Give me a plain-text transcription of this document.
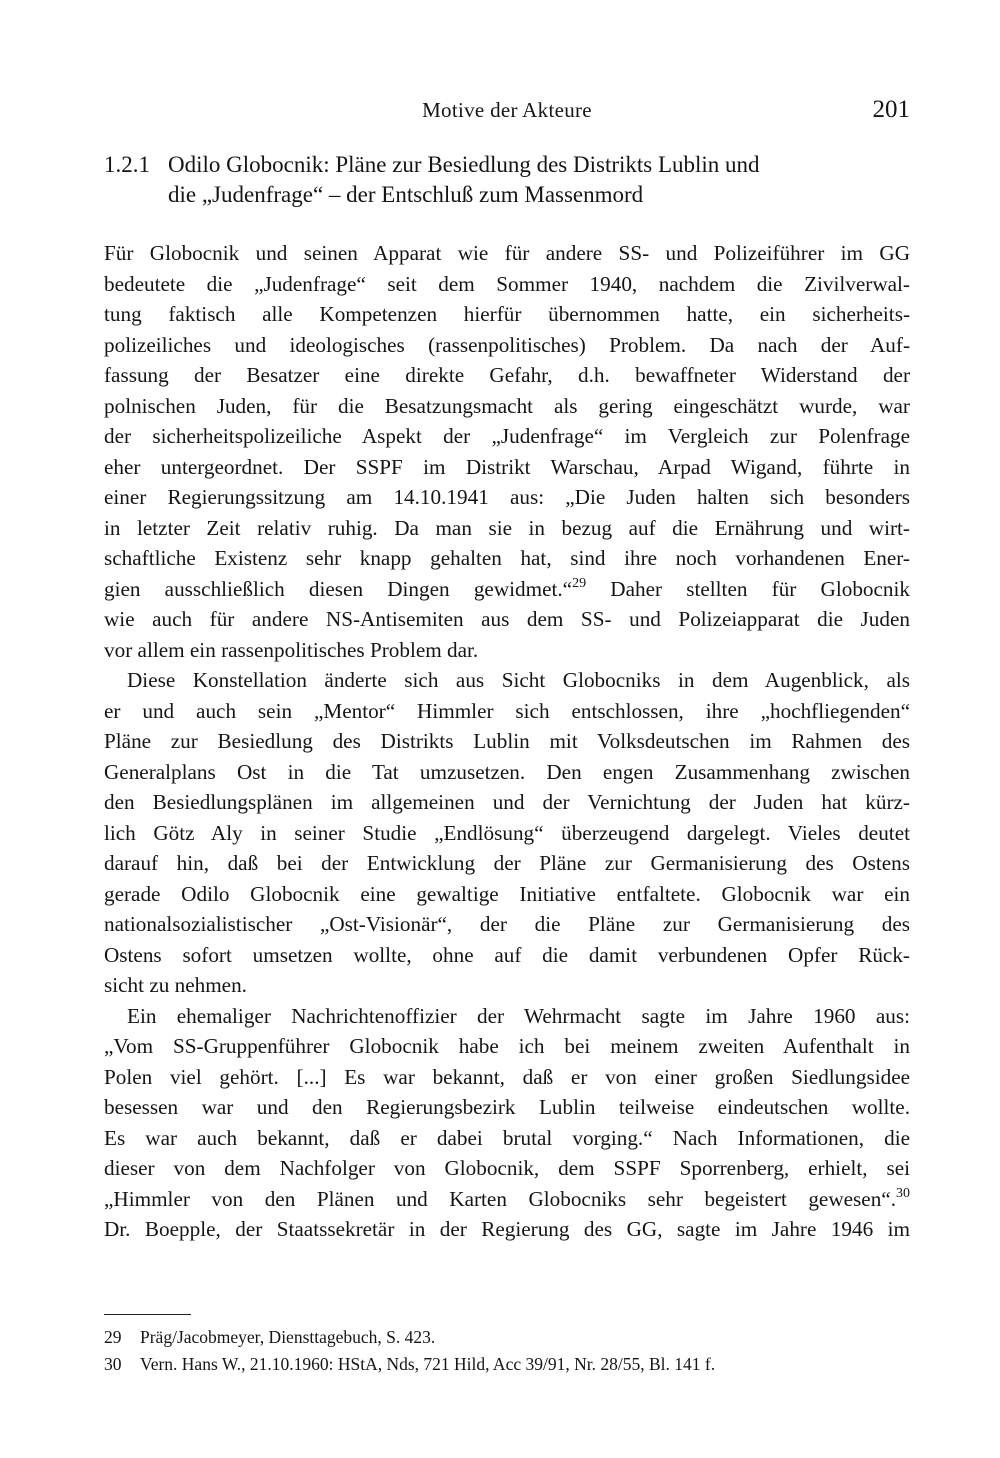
Motive der Akteure	201
1.2.1 Odilo Globocnik: Pläne zur Besiedlung des Distrikts Lublin und
die „Judenfrage“ – der Entschluß zum Massenmord
Für Globocnik und seinen Apparat wie für andere SS- und Polizeiführer im GG
bedeutete die „Judenfrage“ seit dem Sommer 1940, nachdem die Zivilverwal-
tung faktisch alle Kompetenzen hierfür übernommen hatte, ein sicherheits-
polizeiliches und ideologisches (rassenpolitisches) Problem. Da nach der Auf-
fassung der Besatzer eine direkte Gefahr, d.h. bewaffneter Widerstand der
polnischen Juden, für die Besatzungsmacht als gering eingeschätzt wurde, war
der sicherheitspolizeiliche Aspekt der „Judenfrage“ im Vergleich zur Polenfrage
eher untergeordnet. Der SSPF im Distrikt Warschau, Arpad Wigand, führte in
einer Regierungssitzung am 14.10.1941 aus: „Die Juden halten sich besonders
in letzter Zeit relativ ruhig. Da man sie in bezug auf die Ernährung und wirt-
schaftliche Existenz sehr knapp gehalten hat, sind ihre noch vorhandenen Ener-
gien ausschließlich diesen Dingen gewidmet.“$^{29}$ Daher stellten für Globocnik
wie auch für andere NS-Antisemiten aus dem SS- und Polizeiapparat die Juden
vor allem ein rassenpolitisches Problem dar.
Diese Konstellation änderte sich aus Sicht Globocniks in dem Augenblick, als
er und auch sein „Mentor“ Himmler sich entschlossen, ihre „hochfliegenden“
Pläne zur Besiedlung des Distrikts Lublin mit Volksdeutschen im Rahmen des
Generalplans Ost in die Tat umzusetzen. Den engen Zusammenhang zwischen
den Besiedlungsplänen im allgemeinen und der Vernichtung der Juden hat kürz-
lich Götz Aly in seiner Studie „Endlösung“ überzeugend dargelegt. Vieles deutet
darauf hin, daß bei der Entwicklung der Pläne zur Germanisierung des Ostens
gerade Odilo Globocnik eine gewaltige Initiative entfaltete. Globocnik war ein
nationalsozialistischer „Ost-Visionär“, der die Pläne zur Germanisierung des
Ostens sofort umsetzen wollte, ohne auf die damit verbundenen Opfer Rück-
sicht zu nehmen.
Ein ehemaliger Nachrichtenoffizier der Wehrmacht sagte im Jahre 1960 aus:
„Vom SS-Gruppenführer Globocnik habe ich bei meinem zweiten Aufenthalt in
Polen viel gehört. [...] Es war bekannt, daß er von einer großen Siedlungsidee
besessen war und den Regierungsbezirk Lublin teilweise eindeutschen wollte.
Es war auch bekannt, daß er dabei brutal vorging.“ Nach Informationen, die
dieser von dem Nachfolger von Globocnik, dem SSPF Sporrenberg, erhielt, sei
„Himmler von den Plänen und Karten Globocniks sehr begeistert gewesen“.$^{30}$
Dr. Boepple, der Staatssekretär in der Regierung des GG, sagte im Jahre 1946 im
29 Präg/Jacobmeyer, Diensttagebuch, S. 423.
30 Vern. Hans W., 21.10.1960: HStA, Nds, 721 Hild, Acc 39/91, Nr. 28/55, Bl. 141 f.
